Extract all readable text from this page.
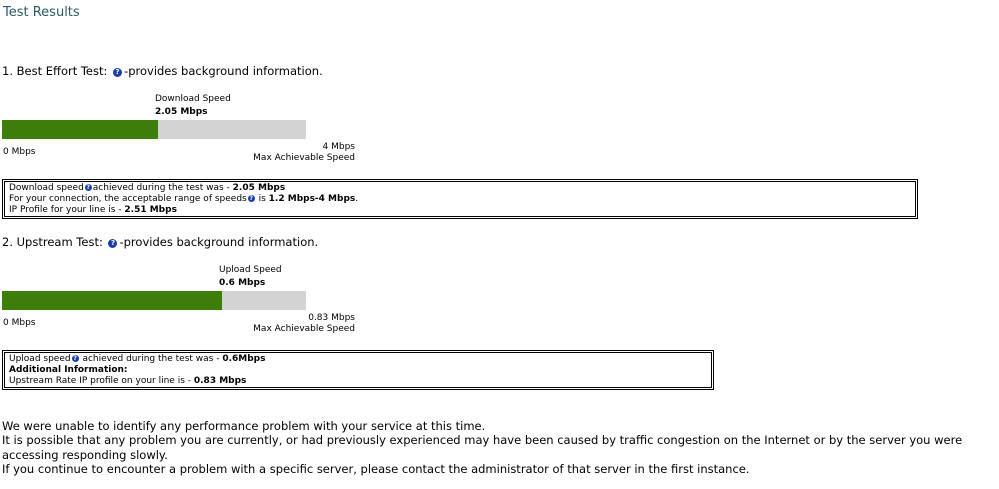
Test Results
1. Best Effort Test: ? -provides background information.
Download Speed
2.05 Mbps
0 Mbps	4 Mbps
Max Achievable Speed
Download speed ? achieved during the test was - 2.05 Mbps
For your connection, the acceptable range of speeds ? is 1.2 Mbps-4 Mbps.
IP Profile for your line is - 2.51 Mbps
2. Upstream Test: ? -provides background information.
Upload Speed
0.6 Mbps
0 Mbps	0.83 Mbps
Max Achievable Speed
Upload speed ? achieved during the test was - 0.6Mbps
Additional Information:
Upstream Rate IP profile on your line is - 0.83 Mbps

We were unable to identify any performance problem with your service at this time.

It is possible that any problem you are currently, or had previously experienced may have been caused by traffic congestion on the Internet or by the server you were accessing responding slowly.

If you continue to encounter a problem with a specific server, please contact the administrator of that server in the first instance.
